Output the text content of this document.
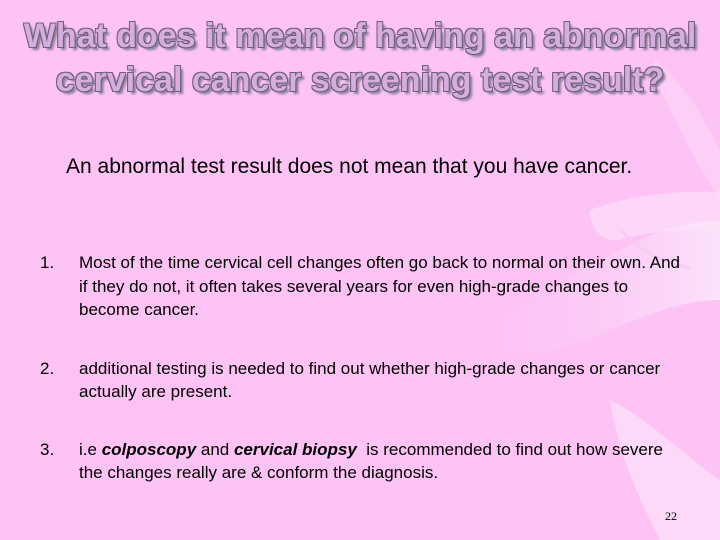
What does it mean of having an abnormal cervical cancer screening test result?
An abnormal test result does not mean that you have cancer.
1. Most of the time cervical cell changes often go back to normal on their own. And if they do not, it often takes several years for even high-grade changes to become cancer.
2. additional testing is needed to find out whether high-grade changes or cancer actually are present.
3. i.e colposcopy and cervical biopsy  is recommended to find out how severe the changes really are & conform the diagnosis.
22
